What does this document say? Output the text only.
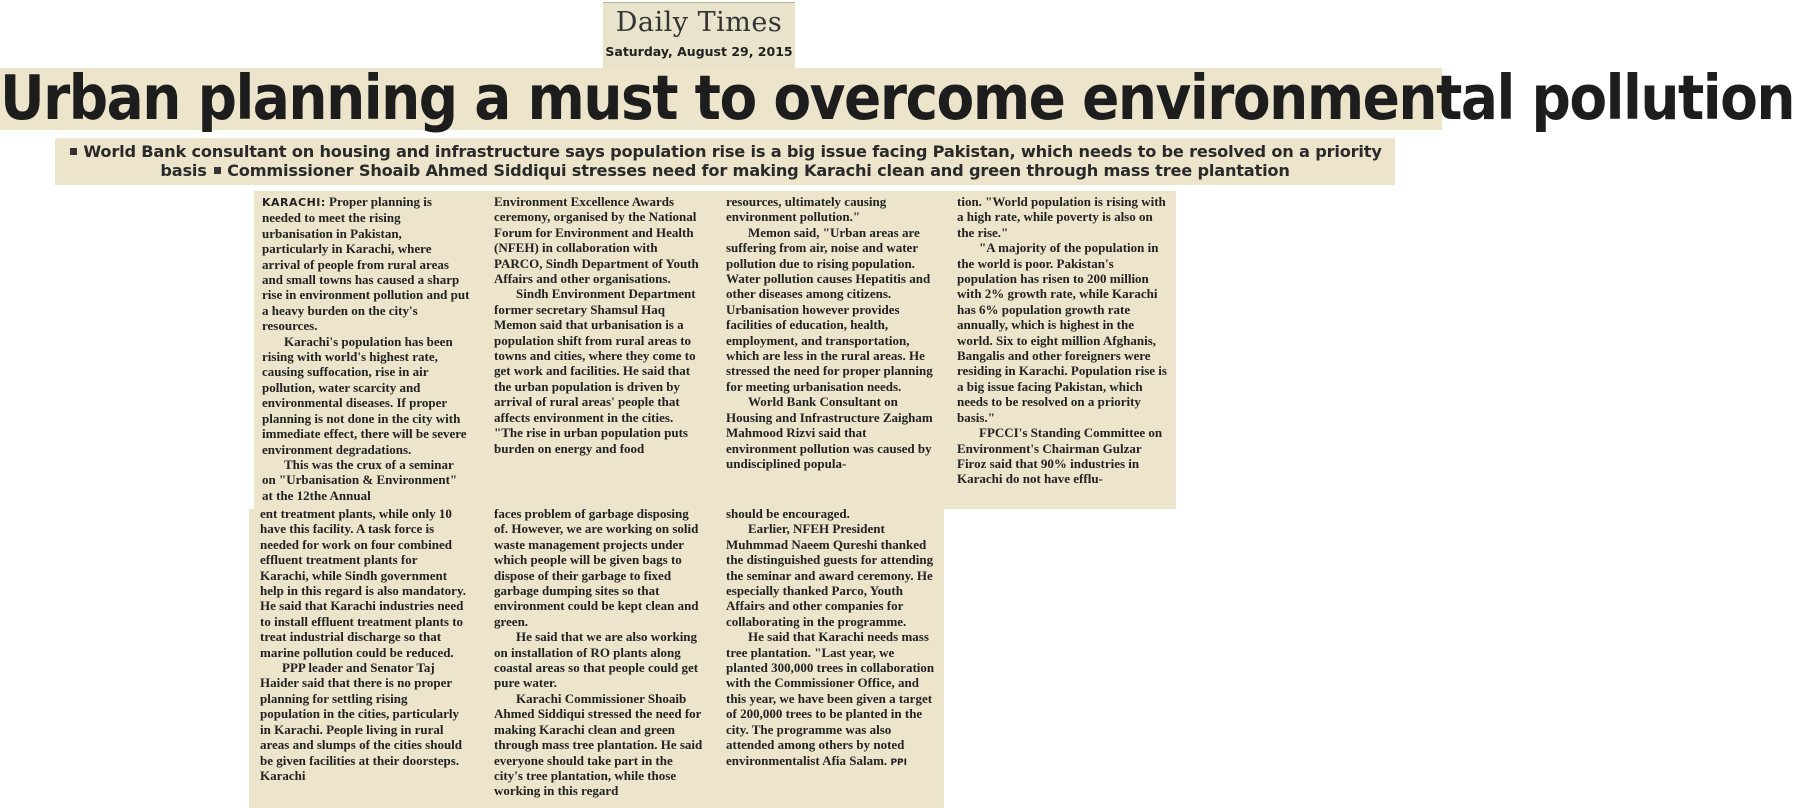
Daily Times
Saturday, August 29, 2015
Urban planning a must to overcome environmental pollution
World Bank consultant on housing and infrastructure says population rise is a big issue facing Pakistan, which needs to be resolved on a priority basis Commissioner Shoaib Ahmed Siddiqui stresses need for making Karachi clean and green through mass tree plantation

KARACHI: Proper planning is needed to meet the rising urbanisation in Pakistan, particularly in Karachi, where arrival of people from rural areas and small towns has caused a sharp rise in environment pollution and put a heavy burden on the city's resources.

Karachi's population has been rising with world's highest rate, causing suffocation, rise in air pollution, water scarcity and environmental diseases. If proper planning is not done in the city with immediate effect, there will be severe environment degradations.

This was the crux of a seminar on "Urbanisation & Environment" at the 12the Annual

Environment Excellence Awards ceremony, organised by the National Forum for Environment and Health (NFEH) in collaboration with PARCO, Sindh Department of Youth Affairs and other organisations.

Sindh Environment Department former secretary Shamsul Haq Memon said that urbanisation is a population shift from rural areas to towns and cities, where they come to get work and facilities. He said that the urban population is driven by arrival of rural areas' people that affects environment in the cities. "The rise in urban population puts burden on energy and food

resources, ultimately causing environment pollution."

Memon said, "Urban areas are suffering from air, noise and water pollution due to rising population. Water pollution causes Hepatitis and other diseases among citizens. Urbanisation however provides facilities of education, health, employment, and transportation, which are less in the rural areas. He stressed the need for proper planning for meeting urbanisation needs.

World Bank Consultant on Housing and Infrastructure Zaigham Mahmood Rizvi said that environment pollution was caused by undisciplined popula-

tion. "World population is rising with a high rate, while poverty is also on the rise."

"A majority of the population in the world is poor. Pakistan's population has risen to 200 million with 2% growth rate, while Karachi has 6% population growth rate annually, which is highest in the world. Six to eight million Afghanis, Bangalis and other foreigners were residing in Karachi. Population rise is a big issue facing Pakistan, which needs to be resolved on a priority basis."

FPCCI's Standing Committee on Environment's Chairman Gulzar Firoz said that 90% industries in Karachi do not have efflu-

ent treatment plants, while only 10 have this facility. A task force is needed for work on four combined effluent treatment plants for Karachi, while Sindh government help in this regard is also mandatory. He said that Karachi industries need to install effluent treatment plants to treat industrial discharge so that marine pollution could be reduced.

PPP leader and Senator Taj Haider said that there is no proper planning for settling rising population in the cities, particularly in Karachi. People living in rural areas and slumps of the cities should be given facilities at their doorsteps. Karachi

faces problem of garbage disposing of. However, we are working on solid waste management projects under which people will be given bags to dispose of their garbage to fixed garbage dumping sites so that environment could be kept clean and green.

He said that we are also working on installation of RO plants along coastal areas so that people could get pure water.

Karachi Commissioner Shoaib Ahmed Siddiqui stressed the need for making Karachi clean and green through mass tree plantation. He said everyone should take part in the city's tree plantation, while those working in this regard

should be encouraged.

Earlier, NFEH President Muhmmad Naeem Qureshi thanked the distinguished guests for attending the seminar and award ceremony. He especially thanked Parco, Youth Affairs and other companies for collaborating in the programme.

He said that Karachi needs mass tree plantation. "Last year, we planted 300,000 trees in collaboration with the Commissioner Office, and this year, we have been given a target of 200,000 trees to be planted in the city. The programme was also attended among others by noted environmentalist Afia Salam. PPI
